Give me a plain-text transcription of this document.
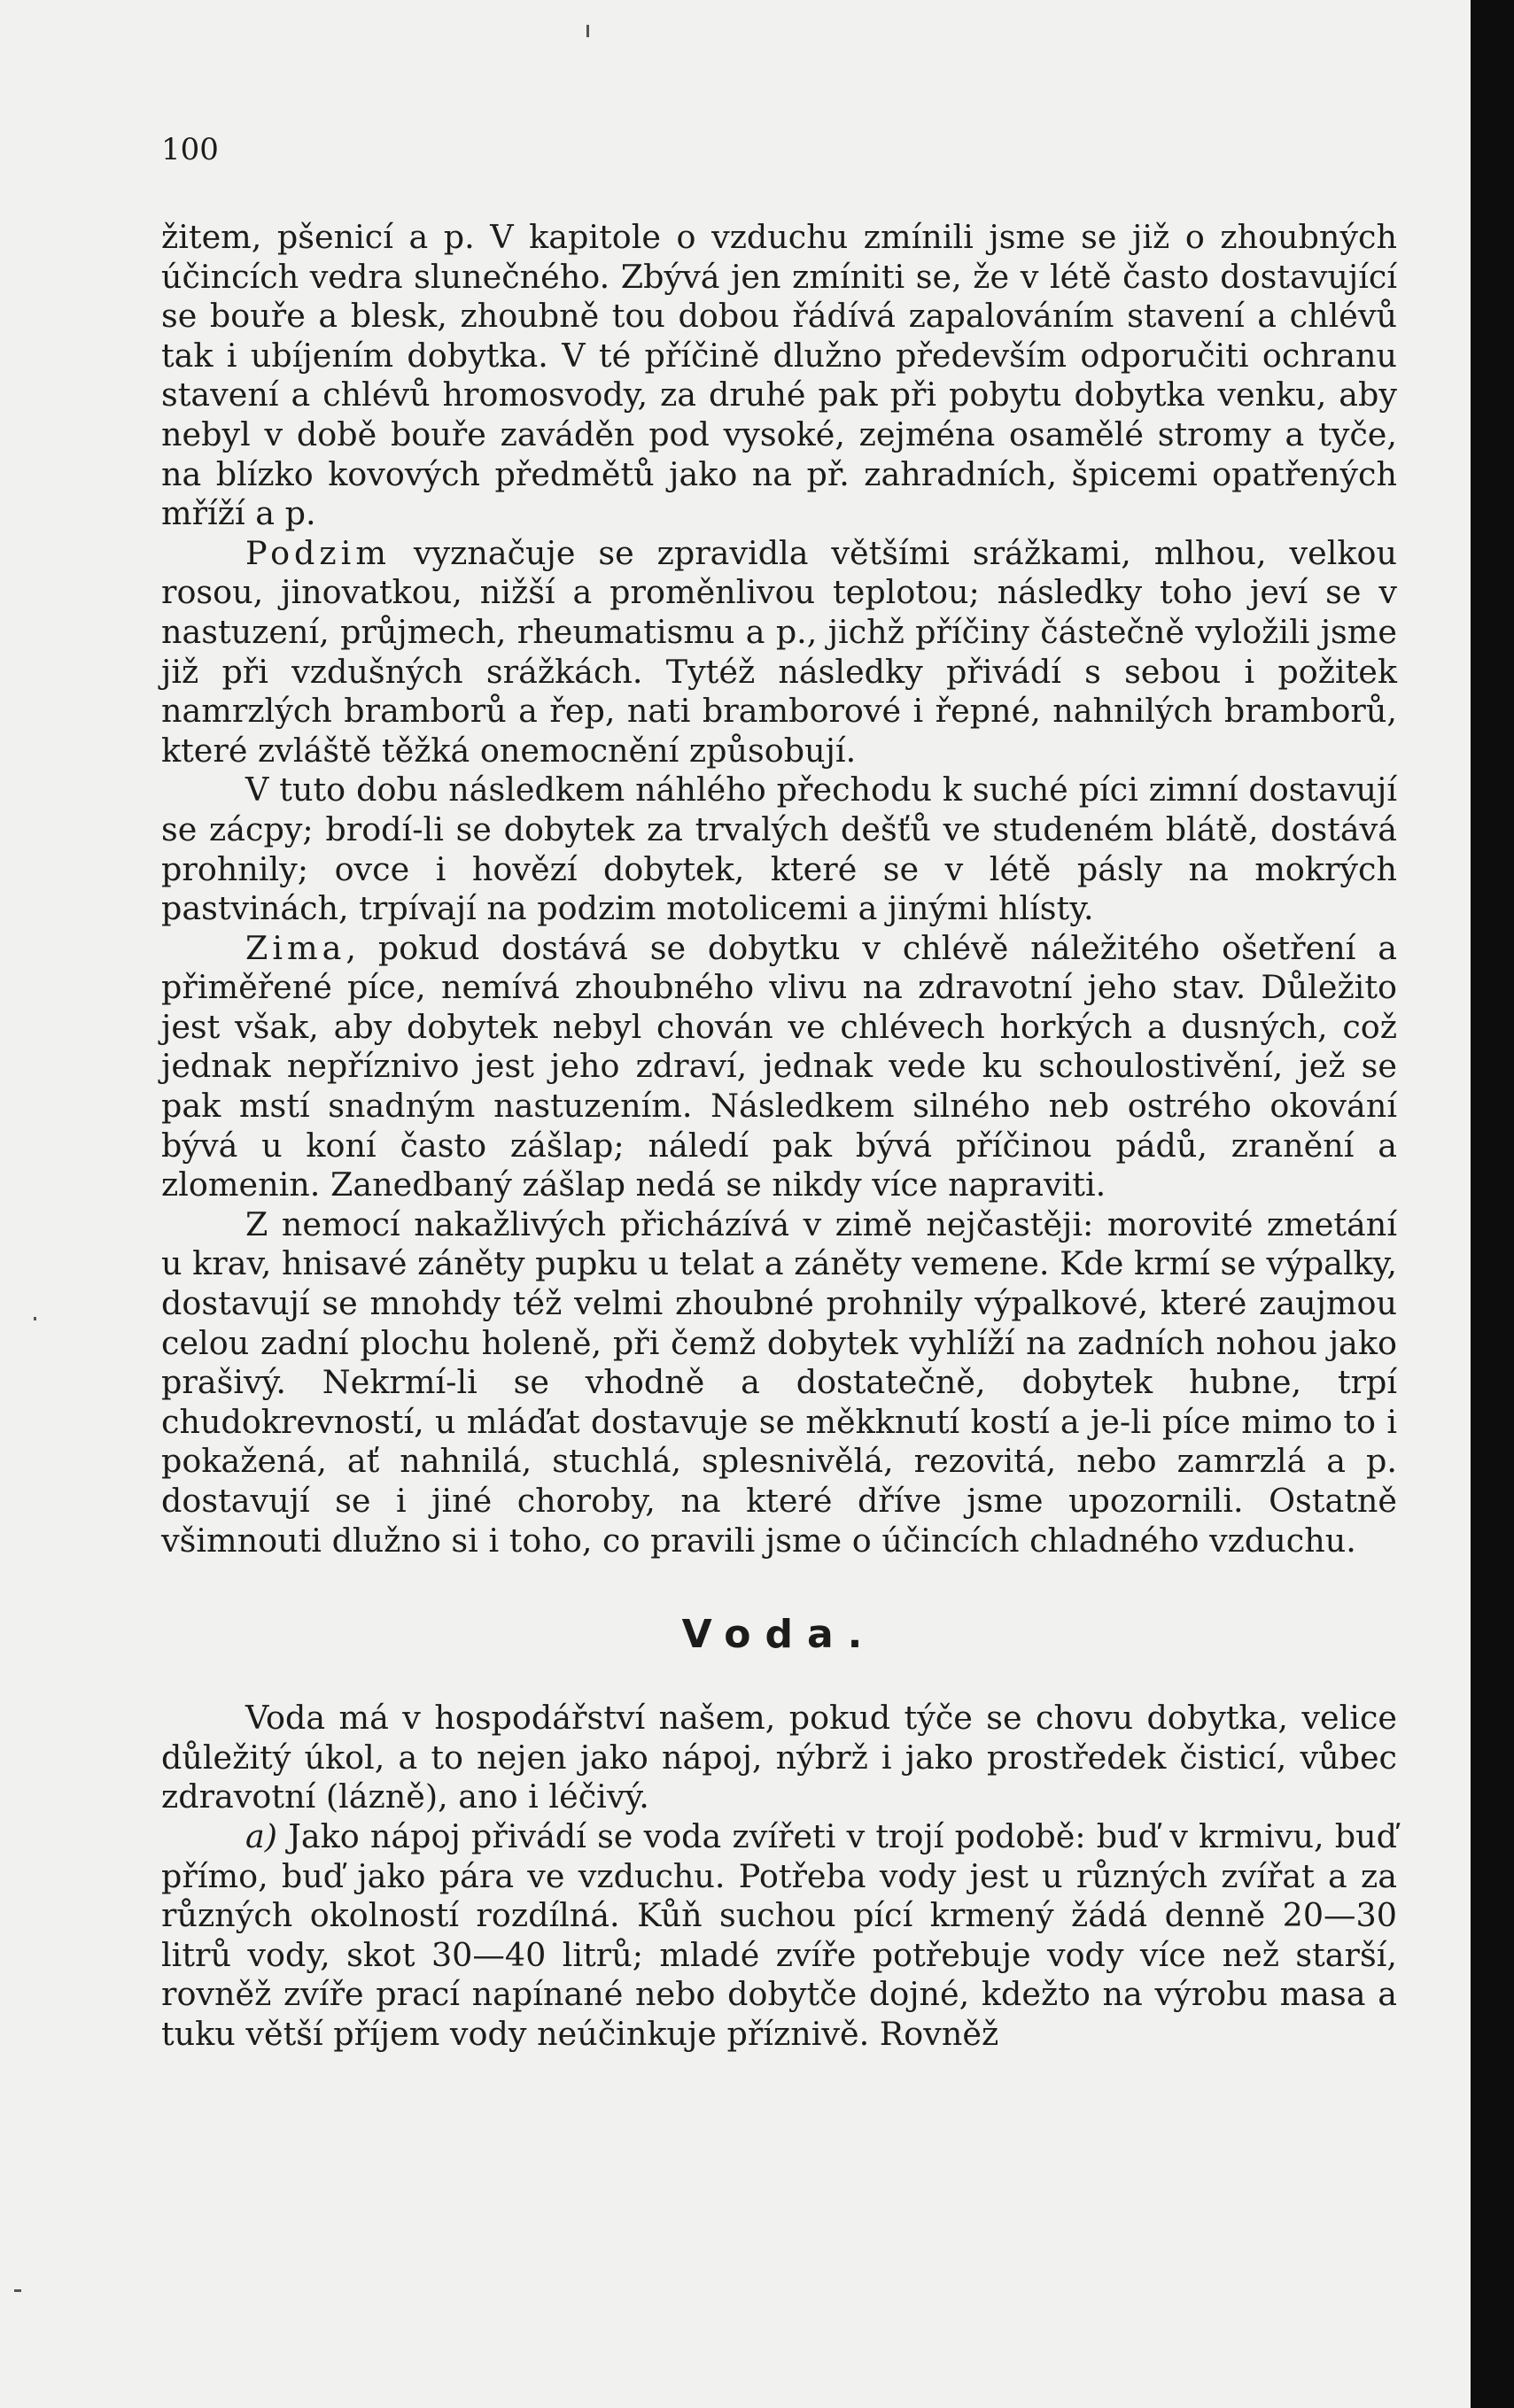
100

žitem, pšenicí a p. V kapitole o vzduchu zmínili jsme se již o zhoubných účincích vedra slunečného. Zbývá jen zmíniti se, že v létě často dostavující se bouře a blesk, zhoubně tou dobou řádívá zapalováním stavení a chlévů tak i ubíjením dobytka. V té příčině dlužno především odporučiti ochranu stavení a chlévů hromosvody, za druhé pak při pobytu dobytka venku, aby nebyl v době bouře zaváděn pod vysoké, zejména osamělé stromy a tyče, na blízko kovových předmětů jako na př. zahradních, špicemi opatřených mříží a p.

Podzim vyznačuje se zpravidla většími srážkami, mlhou, velkou rosou, jinovatkou, nižší a proměnlivou teplotou; následky toho jeví se v nastuzení, průjmech, rheumatismu a p., jichž příčiny částečně vyložili jsme již při vzdušných srážkách. Tytéž následky přivádí s sebou i požitek namrzlých bramborů a řep, nati bramborové i řepné, nahnilých bramborů, které zvláště těžká onemocnění způsobují.

V tuto dobu následkem náhlého přechodu k suché píci zimní dostavují se zácpy; brodí-li se dobytek za trvalých dešťů ve studeném blátě, dostává prohnily; ovce i hovězí dobytek, které se v létě pásly na mokrých pastvinách, trpívají na podzim motolicemi a jinými hlísty.

Zima, pokud dostává se dobytku v chlévě náležitého ošetření a přiměřené píce, nemívá zhoubného vlivu na zdravotní jeho stav. Důležito jest však, aby dobytek nebyl chován ve chlévech horkých a dusných, což jednak nepříznivo jest jeho zdraví, jednak vede ku schoulostivění, jež se pak mstí snadným nastuzením. Následkem silného neb ostrého okování bývá u koní často zášlap; náledí pak bývá příčinou pádů, zranění a zlomenin. Zanedbaný zášlap nedá se nikdy více napraviti.

Z nemocí nakažlivých přicházívá v zimě nejčastěji: morovité zmetání u krav, hnisavé záněty pupku u telat a záněty vemene. Kde krmí se výpalky, dostavují se mnohdy též velmi zhoubné prohnily výpalkové, které zaujmou celou zadní plochu holeně, při čemž dobytek vyhlíží na zadních nohou jako prašivý. Nekrmí-li se vhodně a dostatečně, dobytek hubne, trpí chudokrevností, u mláďat dostavuje se měkknutí kostí a je-li píce mimo to i pokažená, ať nahnilá, stuchlá, splesnivělá, rezovitá, nebo zamrzlá a p. dostavují se i jiné choroby, na které dříve jsme upozornili. Ostatně všimnouti dlužno si i toho, co pravili jsme o účincích chladného vzduchu.

Voda.

Voda má v hospodářství našem, pokud týče se chovu dobytka, velice důležitý úkol, a to nejen jako nápoj, nýbrž i jako prostředek čisticí, vůbec zdravotní (lázně), ano i léčivý.

a) Jako nápoj přivádí se voda zvířeti v trojí podobě: buď v krmivu, buď přímo, buď jako pára ve vzduchu. Potřeba vody jest u různých zvířat a za různých okolností rozdílná. Kůň suchou pící krmený žádá denně 20—30 litrů vody, skot 30—40 litrů; mladé zvíře potřebuje vody více než starší, rovněž zvíře prací napínané nebo dobytče dojné, kdežto na výrobu masa a tuku větší příjem vody neúčinkuje příznivě. Rovněž
